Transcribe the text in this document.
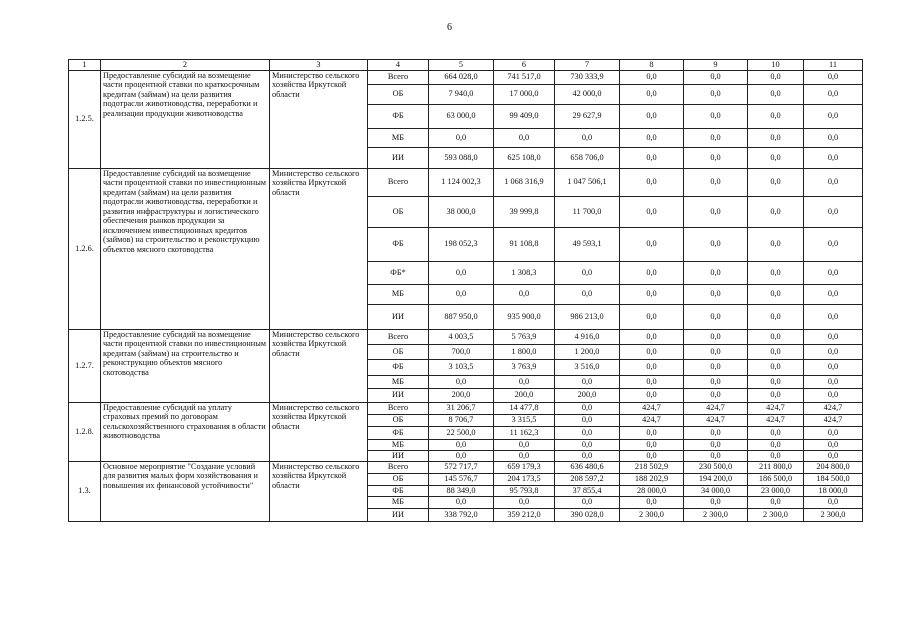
6
1	2	3	4	5	6	7	8	9	10	11
1.2.5.	Предоставление субсидий на возмещение части процентной ставки по краткосрочным кредитам (займам) на цели развития подотрасли животноводства, переработки и реализации продукции животноводства	Министерство сельского хозяйства Иркутской области	Всего	664 028,0	741 517,0	730 333,9	0,0	0,0	0,0	0,0
			ОБ	7 940,0	17 000,0	42 000,0	0,0	0,0	0,0	0,0
			ФБ	63 000,0	99 409,0	29 627,9	0,0	0,0	0,0	0,0
			МБ	0,0	0,0	0,0	0,0	0,0	0,0	0,0
			ИИ	593 088,0	625 108,0	658 706,0	0,0	0,0	0,0	0,0
1.2.6.	Предоставление субсидий на возмещение части процентной ставки по инвестиционным кредитам (займам) на цели развития подотрасли животноводства, переработки и развития инфраструктуры и логистического обеспечения рынков продукции за исключением инвестиционных кредитов (займов) на строительство и реконструкцию объектов мясного скотоводства	Министерство сельского хозяйства Иркутской области	Всего	1 124 002,3	1 068 316,9	1 047 506,1	0,0	0,0	0,0	0,0
			ОБ	38 000,0	39 999,8	11 700,0	0,0	0,0	0,0	0,0
			ФБ	198 052,3	91 108,8	49 593,1	0,0	0,0	0,0	0,0
			ФБ*	0,0	1 308,3	0,0	0,0	0,0	0,0	0,0
			МБ	0,0	0,0	0,0	0,0	0,0	0,0	0,0
			ИИ	887 950,0	935 900,0	986 213,0	0,0	0,0	0,0	0,0
1.2.7.	Предоставление субсидий на возмещение части процентной ставки по инвестиционным кредитам (займам) на строительство и реконструкцию объектов мясного скотоводства	Министерство сельского хозяйства Иркутской области	Всего	4 003,5	5 763,9	4 916,0	0,0	0,0	0,0	0,0
			ОБ	700,0	1 800,0	1 200,0	0,0	0,0	0,0	0,0
			ФБ	3 103,5	3 763,9	3 516,0	0,0	0,0	0,0	0,0
			МБ	0,0	0,0	0,0	0,0	0,0	0,0	0,0
			ИИ	200,0	200,0	200,0	0,0	0,0	0,0	0,0
1.2.8.	Предоставление субсидий на уплату страховых премий по договорам сельскохозяйственного страхования в области животноводства	Министерство сельского хозяйства Иркутской области	Всего	31 206,7	14 477,8	0,0	424,7	424,7	424,7	424,7
			ОБ	8 706,7	3 315,5	0,0	424,7	424,7	424,7	424,7
			ФБ	22 500,0	11 162,3	0,0	0,0	0,0	0,0	0,0
			МБ	0,0	0,0	0,0	0,0	0,0	0,0	0,0
			ИИ	0,0	0,0	0,0	0,0	0,0	0,0	0,0
1.3.	Основное мероприятие "Создание условий для развития малых форм хозяйствования и повышения их финансовой устойчивости"	Министерство сельского хозяйства Иркутской области	Всего	572 717,7	659 179,3	636 480,6	218 502,9	230 500,0	211 800,0	204 800,0
			ОБ	145 576,7	204 173,5	208 597,2	188 202,9	194 200,0	186 500,0	184 500,0
			ФБ	88 349,0	95 793,8	37 855,4	28 000,0	34 000,0	23 000,0	18 000,0
			МБ	0,0	0,0	0,0	0,0	0,0	0,0	0,0
			ИИ	338 792,0	359 212,0	390 028,0	2 300,0	2 300,0	2 300,0	2 300,0
